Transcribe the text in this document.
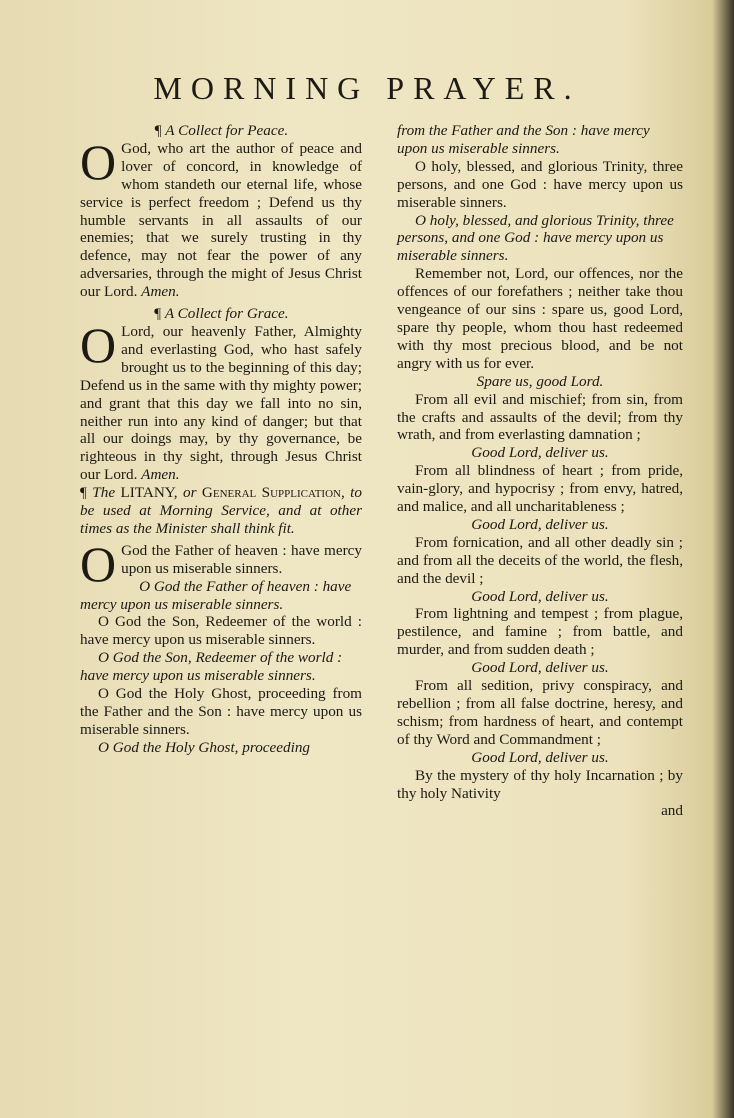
MORNING PRAYER.

¶ A Collect for Peace.

O God, who art the author of peace and lover of concord, in knowledge of whom standeth our eternal life, whose service is perfect freedom ; Defend us thy humble servants in all assaults of our enemies; that we surely trusting in thy defence, may not fear the power of any adversaries, through the might of Jesus Christ our Lord. Amen.

¶ A Collect for Grace.

O Lord, our heavenly Father, Almighty and everlasting God, who hast safely brought us to the beginning of this day; Defend us in the same with thy mighty power; and grant that this day we fall into no sin, neither run into any kind of danger; but that all our doings may, by thy governance, be righteous in thy sight, through Jesus Christ our Lord. Amen.

¶ The LITANY, or General Supplication, to be used at Morning Service, and at other times as the Minister shall think fit.

O God the Father of heaven : have mercy upon us miserable sinners.

O God the Father of heaven : have mercy upon us miserable sinners.

O God the Son, Redeemer of the world : have mercy upon us miserable sinners.

O God the Son, Redeemer of the world : have mercy upon us miserable sinners.

O God the Holy Ghost, proceeding from the Father and the Son : have mercy upon us miserable sinners.

O God the Holy Ghost, proceeding

from the Father and the Son : have mercy upon us miserable sinners.

O holy, blessed, and glorious Trinity, three persons, and one God : have mercy upon us miserable sinners.

O holy, blessed, and glorious Trinity, three persons, and one God : have mercy upon us miserable sinners.

Remember not, Lord, our offences, nor the offences of our forefathers ; neither take thou vengeance of our sins : spare us, good Lord, spare thy people, whom thou hast redeemed with thy most precious blood, and be not angry with us for ever.

Spare us, good Lord.

From all evil and mischief; from sin, from the crafts and assaults of the devil; from thy wrath, and from everlasting damnation ;

Good Lord, deliver us.

From all blindness of heart ; from pride, vain-glory, and hypocrisy ; from envy, hatred, and malice, and all uncharitableness ;

Good Lord, deliver us.

From fornication, and all other deadly sin ; and from all the deceits of the world, the flesh, and the devil ;

Good Lord, deliver us.

From lightning and tempest ; from plague, pestilence, and famine ; from battle, and murder, and from sudden death ;

Good Lord, deliver us.

From all sedition, privy conspiracy, and rebellion ; from all false doctrine, heresy, and schism; from hardness of heart, and contempt of thy Word and Commandment ;

Good Lord, deliver us.

By the mystery of thy holy Incarnation ; by thy holy Nativity

and
